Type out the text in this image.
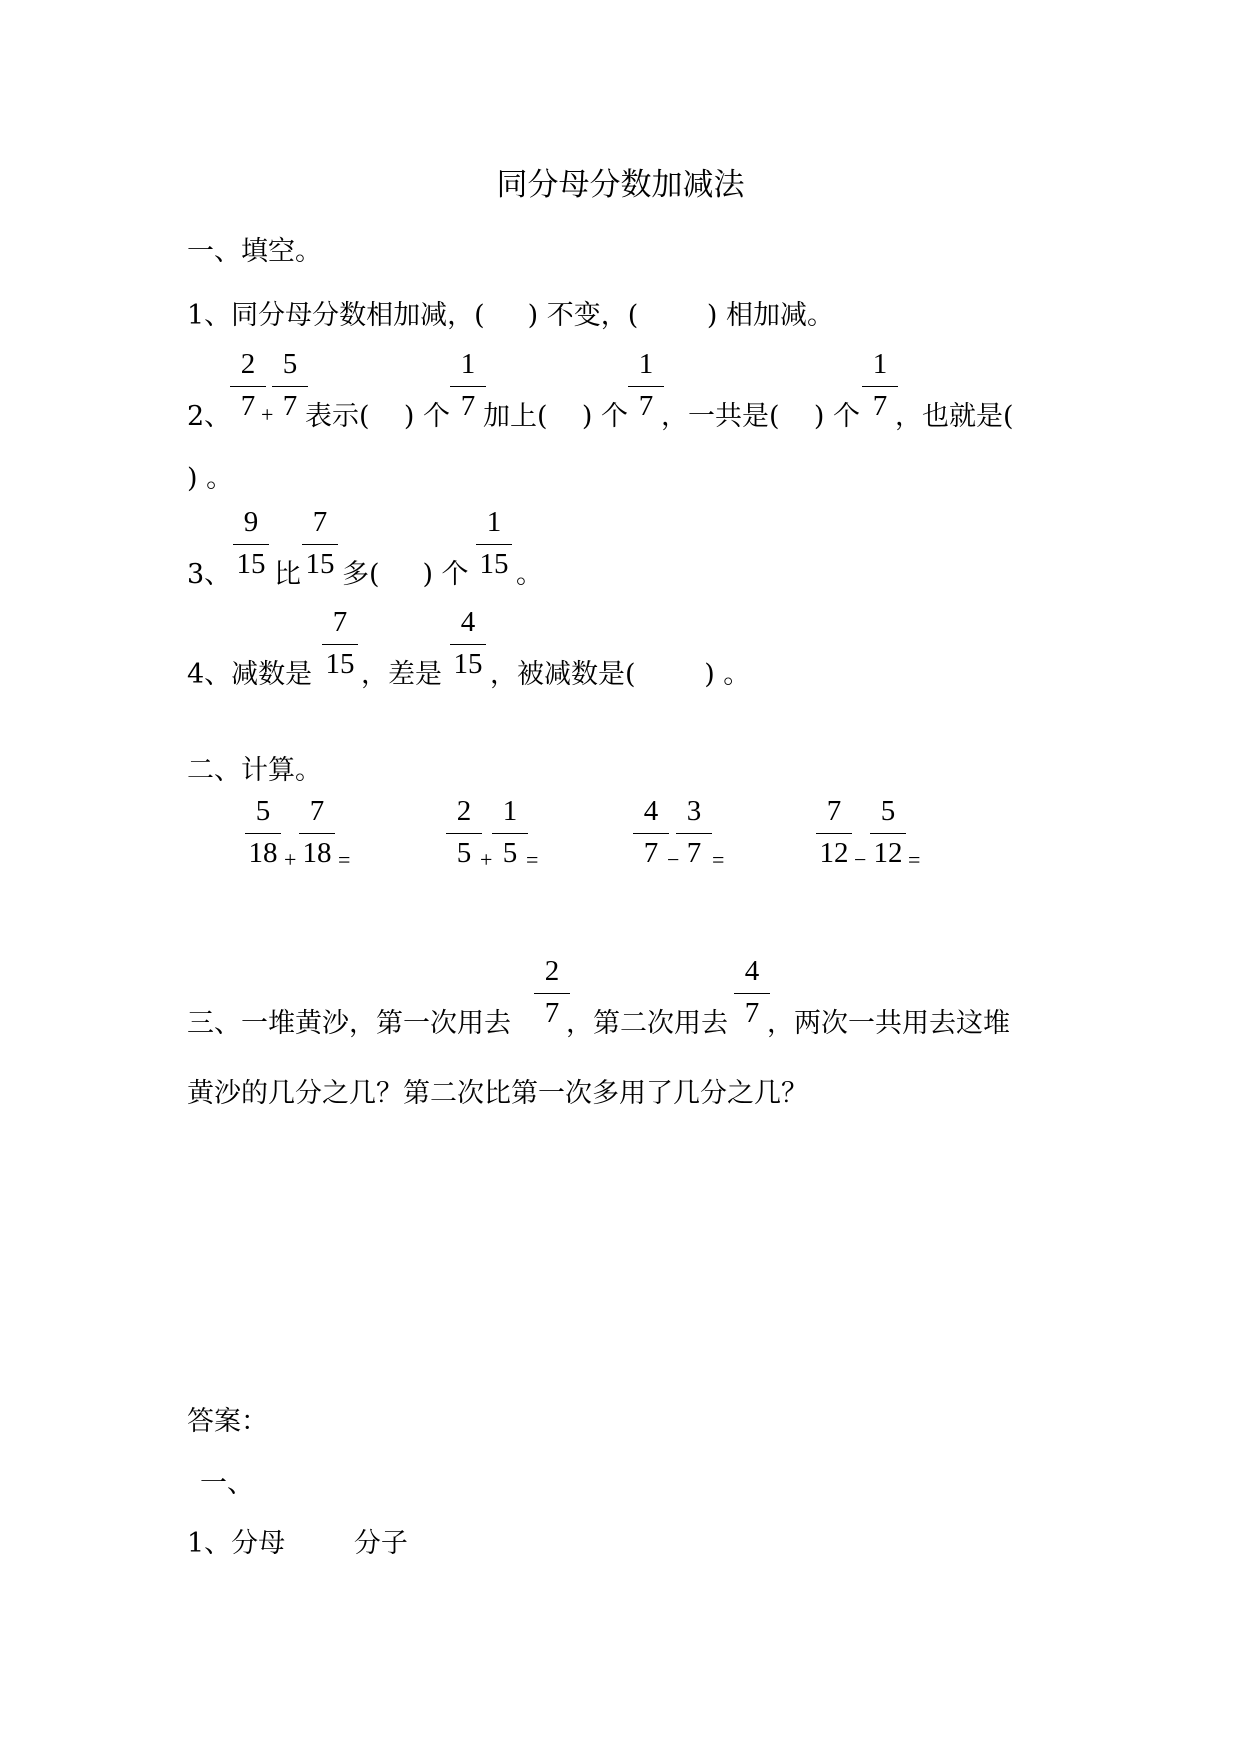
同分母分数加减法
一、填空。
1、同分母分数相加减，(     ) 不变，(        ) 相加减。
2、
2
7 +
5
7 表示(    ) 个
1
7 加上(    ) 个
1
7 ，一共是(    ) 个
1
7 ，也就是(
) 。
3、
9
15 比
7
15 多(     ) 个
1
15 。
4、减数是
7
15 ，差是
4
15 ，被减数是(        ) 。
二、计算。
5
18 +
7
18 =
2
5 +
1
5 =
4
7 −
3
7 =
7
12 −
5
12 =
三、一堆黄沙，第一次用去
2
7 ，第二次用去
4
7 ，两次一共用去这堆
黄沙的几分之几？第二次比第一次多用了几分之几？
答案：
一、
1、分母        分子
